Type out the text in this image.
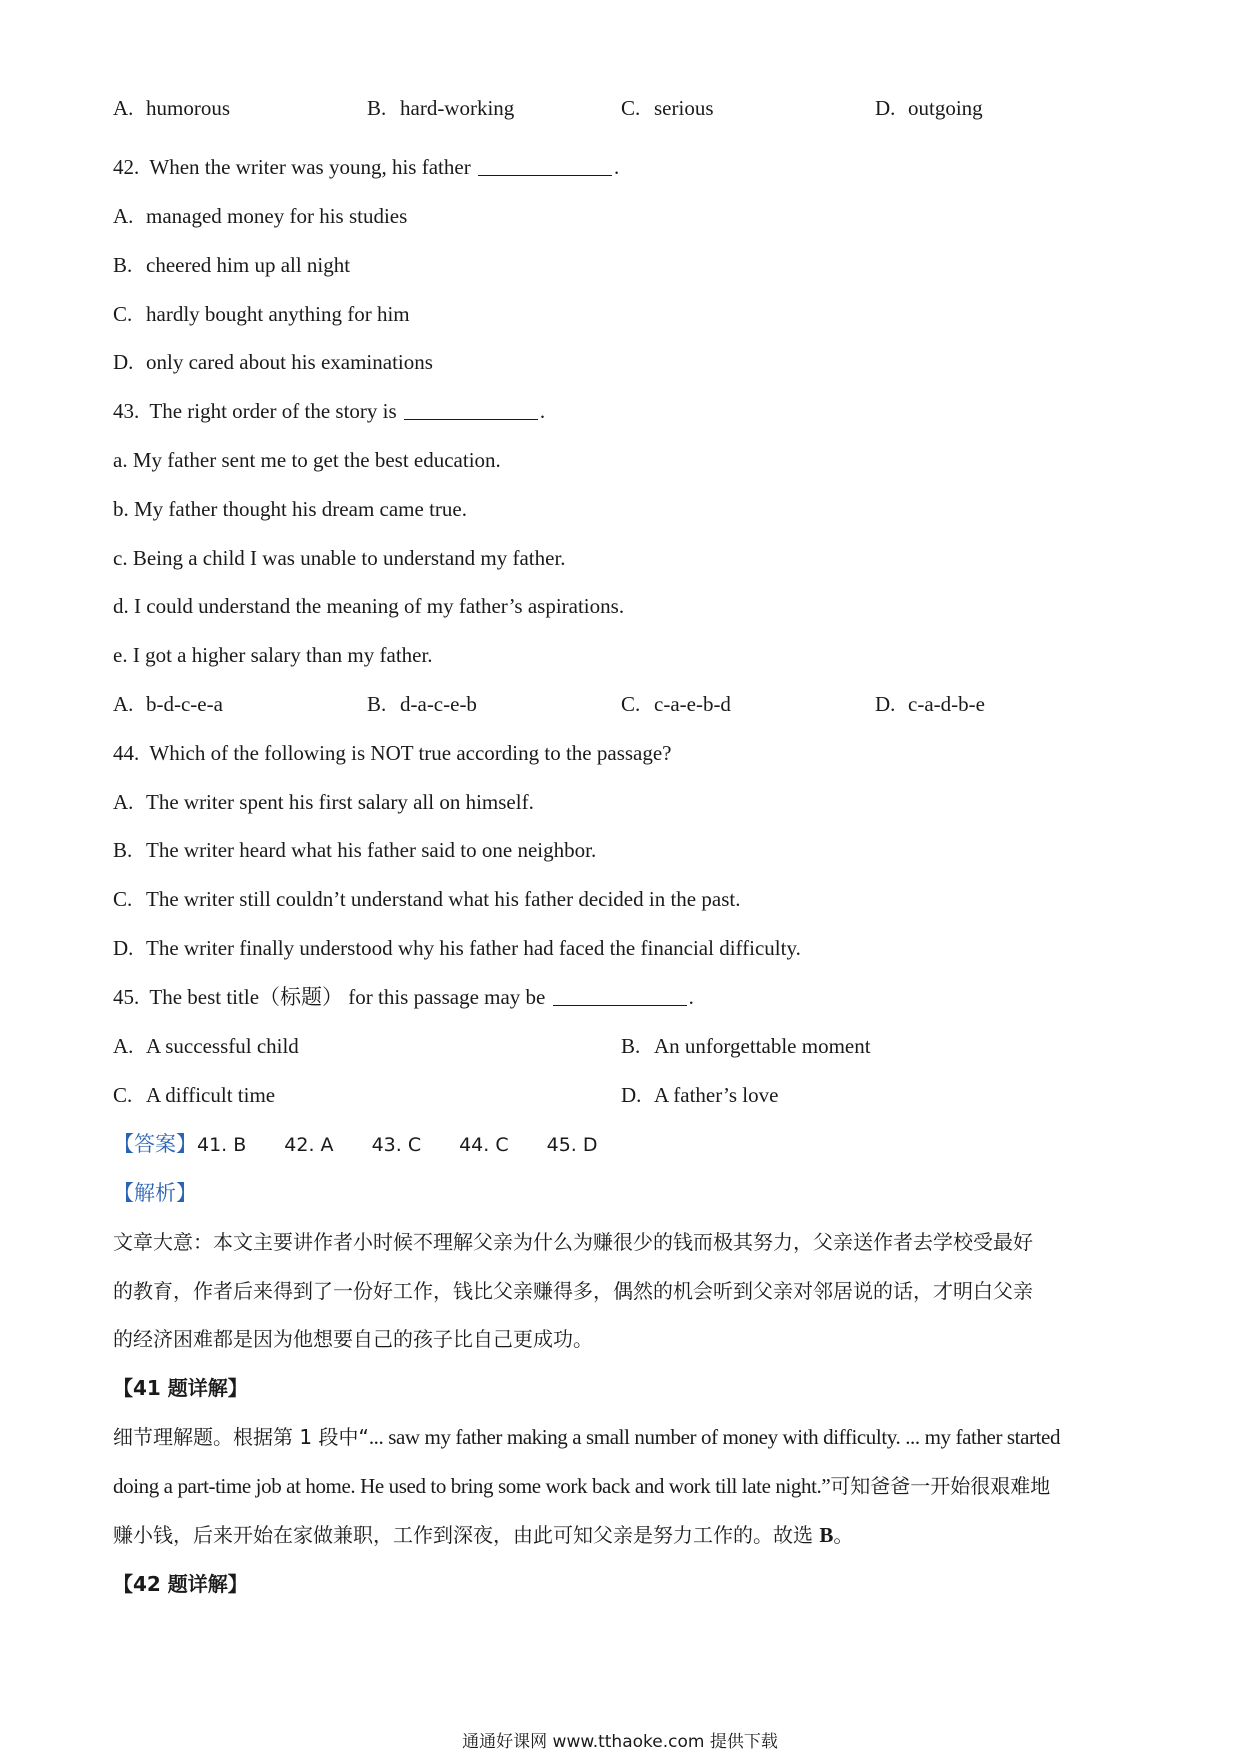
A. humorous	B. hard-working	C. serious	D. outgoing
42. When the writer was young, his father	.
A. managed money for his studies
B. cheered him up all night
C. hardly bought anything for him
D. only cared about his examinations
43. The right order of the story is	.
a. My father sent me to get the best education.
b. My father thought his dream came true.
c. Being a child I was unable to understand my father.
d. I could understand the meaning of my father’s aspirations.
e. I got a higher salary than my father.
A. b-d-c-e-a	B. d-a-c-e-b	C. c-a-e-b-d	D. c-a-d-b-e
44. Which of the following is NOT true according to the passage?
A. The writer spent his first salary all on himself.
B. The writer heard what his father said to one neighbor.
C. The writer still couldn’t understand what his father decided in the past.
D. The writer finally understood why his father had faced the financial difficulty.
45. The best title（标题） for this passage may be	.
A. A successful child	B. An unforgettable moment
C. A difficult time	D. A father’s love
【答案】41. B 42. A 43. C 44. C 45. D
【解析】
文章大意：本文主要讲作者小时候不理解父亲为什么为赚很少的钱而极其努力，父亲送作者去学校受最好
的教育，作者后来得到了一份好工作，钱比父亲赚得多，偶然的机会听到父亲对邻居说的话，才明白父亲
的经济困难都是因为他想要自己的孩子比自己更成功。
【41 题详解】
细节理解题。根据第 1 段中“... saw my father making a small number of money with difficulty. ... my father started
doing a part-time job at home. He used to bring some work back and work till late night.”可知爸爸一开始很艰难地
赚小钱，后来开始在家做兼职，工作到深夜，由此可知父亲是努力工作的。故选 B。
【42 题详解】
通通好课网 www.tthaoke.com 提供下载
